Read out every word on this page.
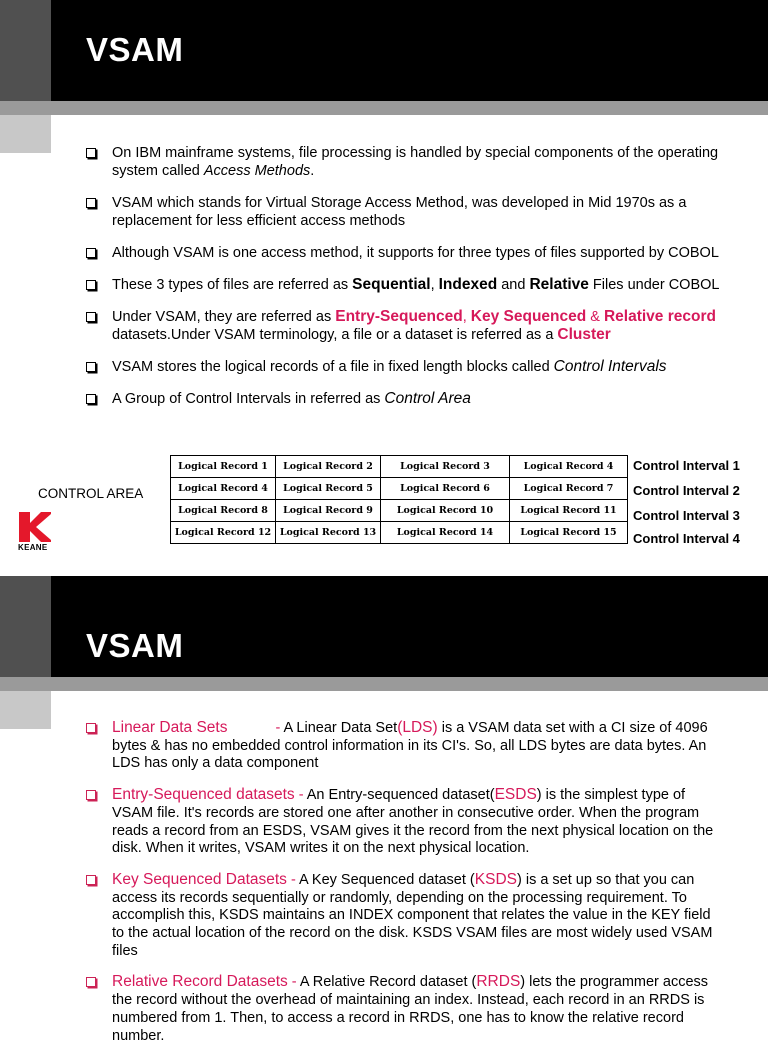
VSAM
On IBM mainframe systems, file processing is handled by special components of the operating system called Access Methods.
VSAM which stands for Virtual Storage Access Method, was developed in Mid 1970s as a replacement for less efficient access methods
Although VSAM is one access method, it supports for three types of files supported by COBOL
These 3 types of files are referred as Sequential, Indexed and Relative Files under COBOL
Under VSAM, they are referred as Entry-Sequenced, Key Sequenced & Relative record datasets.Under VSAM terminology, a file or a dataset is referred as a Cluster
VSAM stores the logical records of a file in fixed length blocks called Control Intervals
A Group of Control Intervals in referred as Control Area
CONTROL AREA
Logical Record 1	Logical Record 2	Logical Record 3	Logical Record 4
Logical Record 4	Logical Record 5	Logical Record 6	Logical Record 7
Logical Record 8	Logical Record 9	Logical Record 10	Logical Record 11
Logical Record 12	Logical Record 13	Logical Record 14	Logical Record 15
Control Interval 1
Control Interval 2
Control Interval 3
Control Interval 4
KEANE
VSAM
Linear Data Sets	- A Linear Data Set(LDS) is a VSAM data set with a CI size of 4096 bytes & has no embedded control information in its CI's. So, all LDS bytes are data bytes. An LDS has only a data component
Entry-Sequenced datasets - An Entry-sequenced dataset(ESDS) is the simplest type of VSAM file. It's records are stored one after another in consecutive order. When the program reads a record from an ESDS, VSAM gives it the record from the next physical location on the disk. When it writes, VSAM writes it on the next physical location.
Key Sequenced Datasets - A Key Sequenced dataset (KSDS) is a set up so that you can access its records sequentially or randomly, depending on the processing requirement. To accomplish this, KSDS maintains an INDEX component that relates the value in the KEY field to the actual location of the record on the disk. KSDS VSAM files are most widely used VSAM files
Relative Record Datasets - A Relative Record dataset (RRDS) lets the programmer access the record without the overhead of maintaining an index. Instead, each record in an RRDS is numbered from 1. Then, to access a record in RRDS, one has to know the relative record number.
